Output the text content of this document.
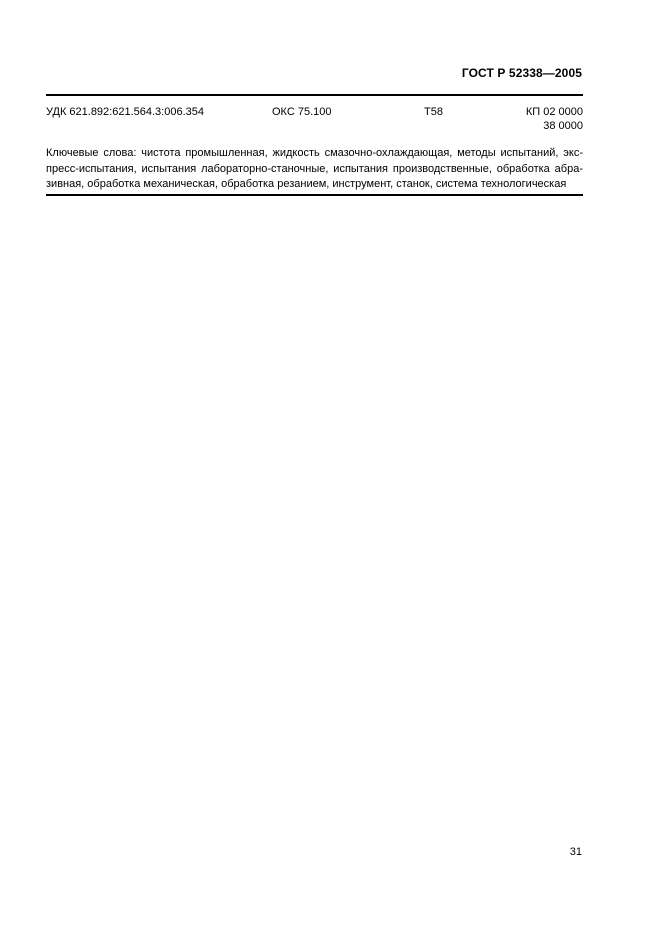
ГОСТ Р 52338—2005
УДК 621.892:621.564.3:006.354	ОКС 75.100	Т58	КП 02 0000
38 0000
Ключевые слова: чистота промышленная, жидкость смазочно-охлаждающая, методы испытаний, экс-
пресс-испытания, испытания лабораторно-станочные, испытания производственные, обработка абра-
зивная, обработка механическая, обработка резанием, инструмент, станок, система технологическая
31
